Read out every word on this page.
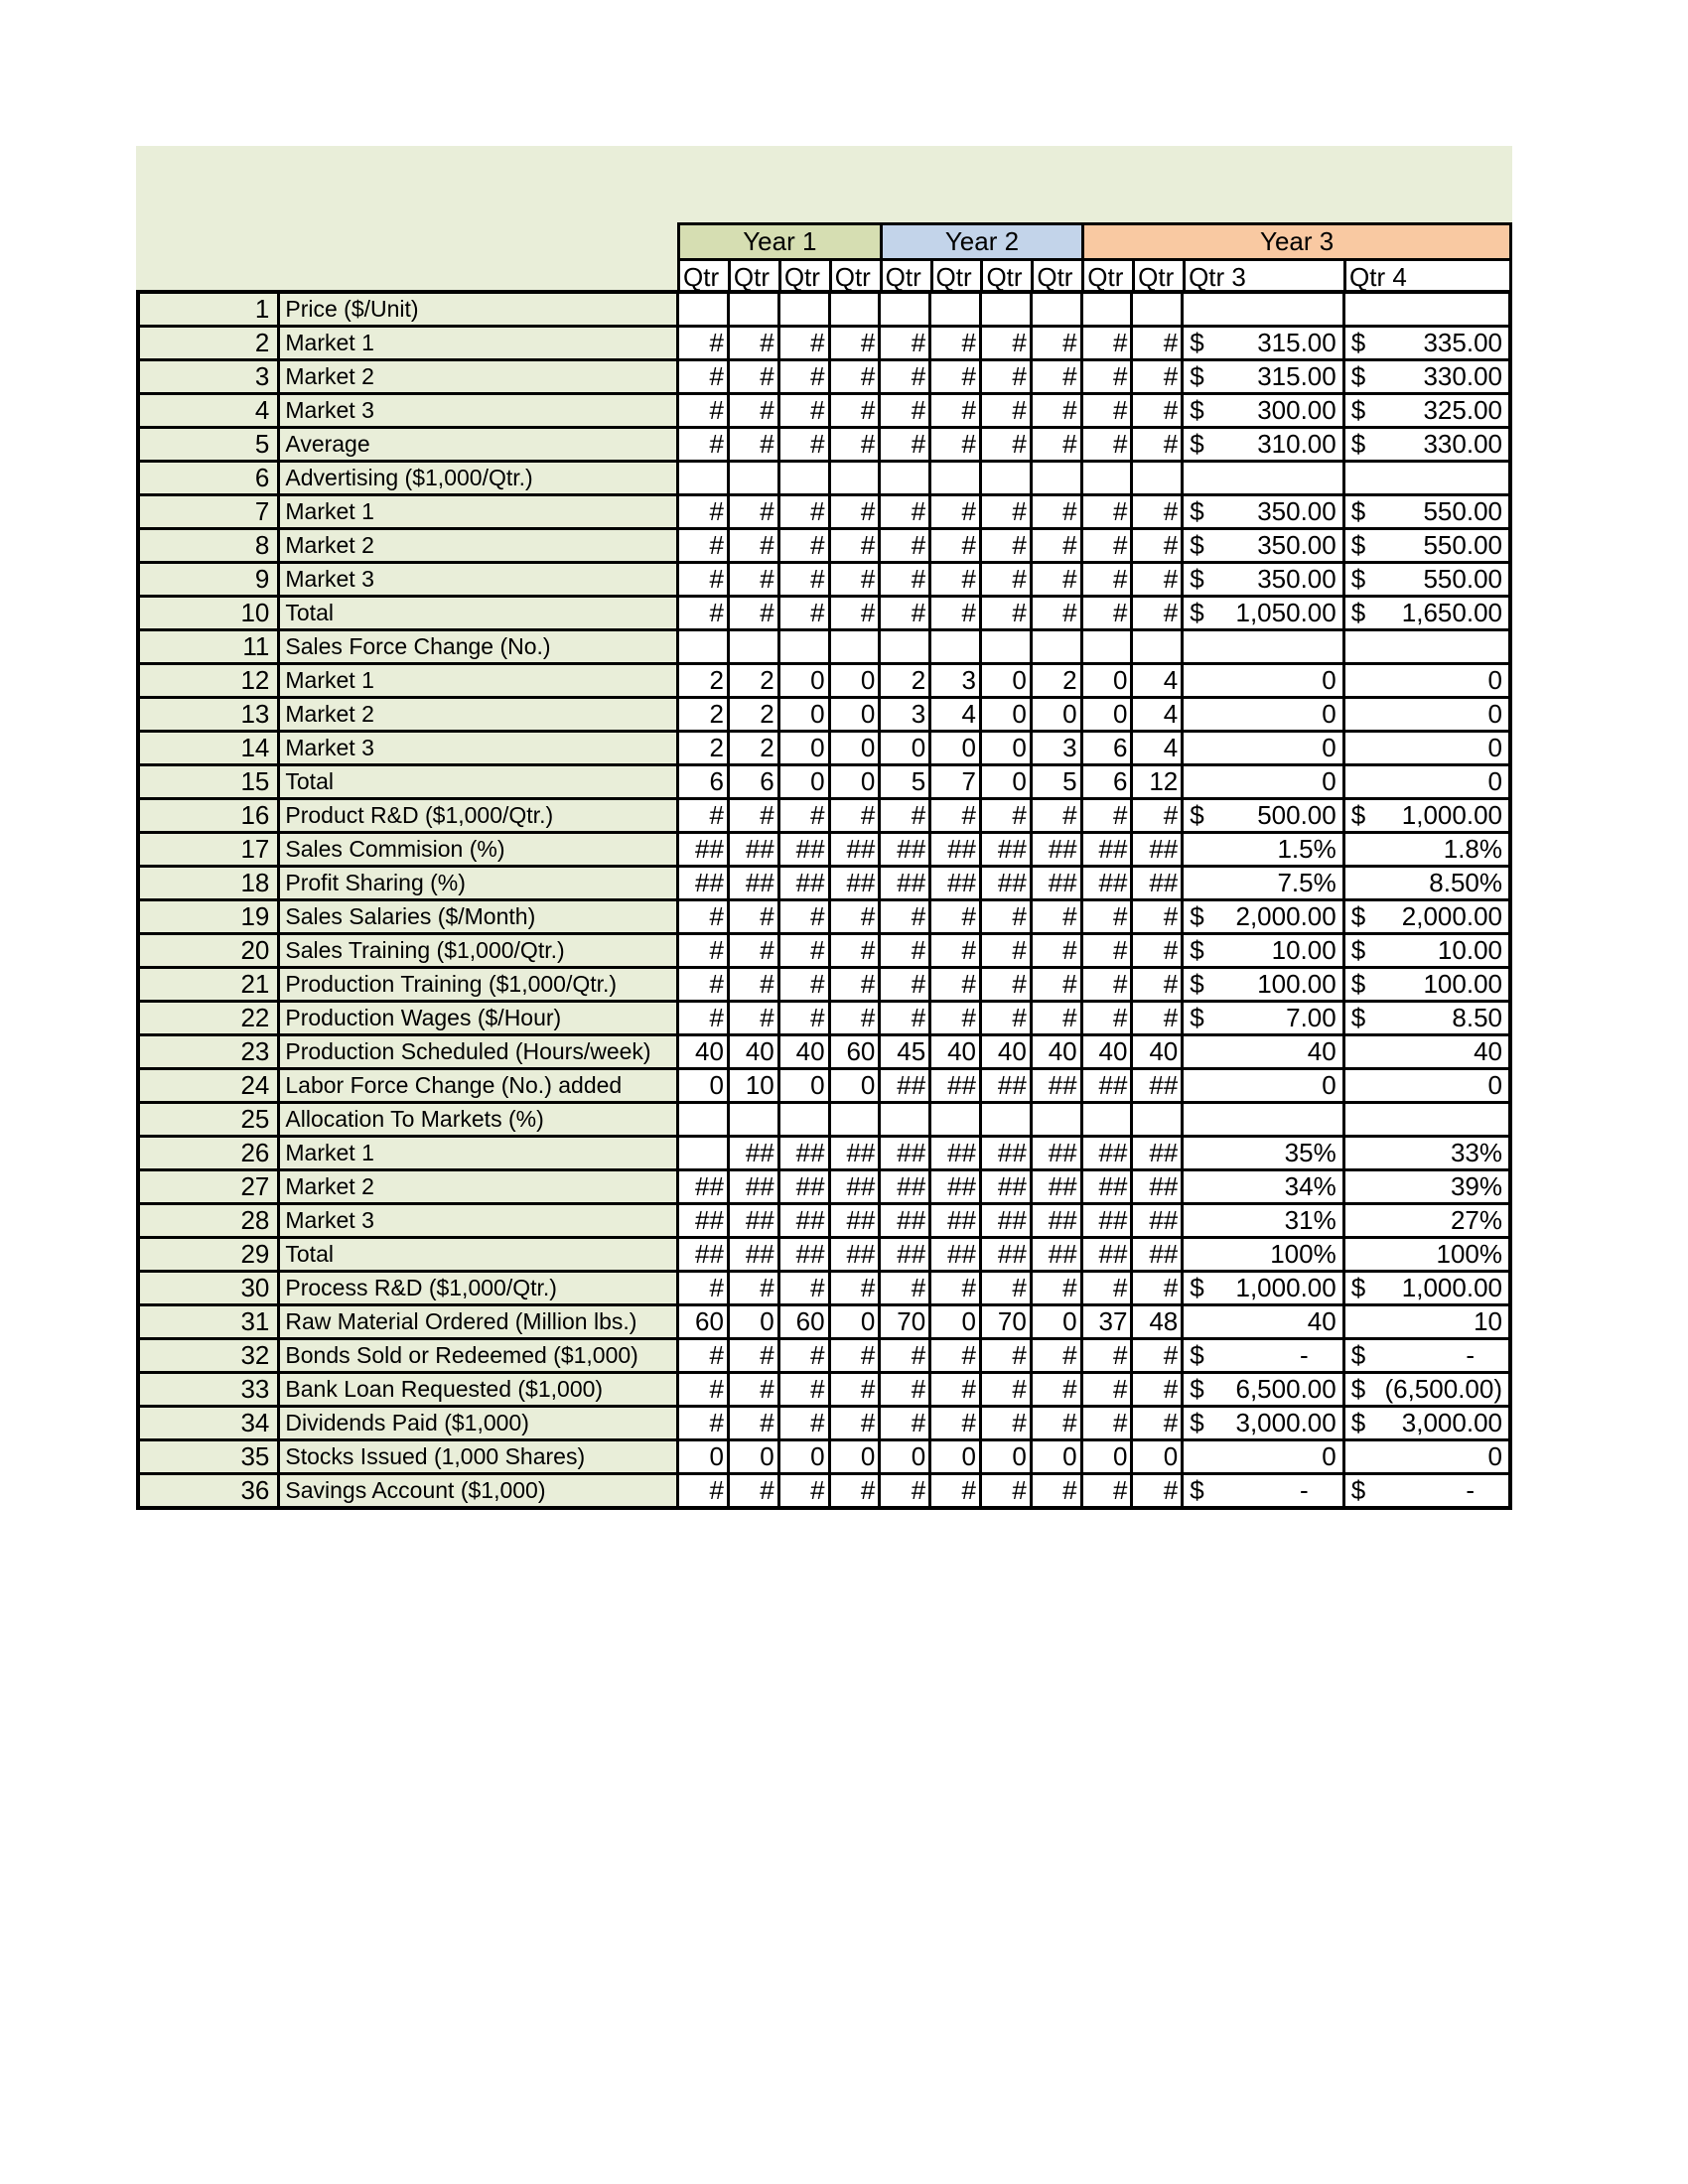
Year 1				Year 2				Year 3			
Qtr	Qtr	Qtr	Qtr	Qtr	Qtr	Qtr	Qtr	Qtr	Qtr	Qtr 3	Qtr 4
1	Price ($/Unit)												
2	Market 1	#	#	#	#	#	#	#	#	#	#	$ 315.00	$ 335.00

3	Market 2	#	#	#	#	#	#	#	#	#	#	$ 315.00	$ 330.00

4	Market 3	#	#	#	#	#	#	#	#	#	#	$ 300.00	$ 325.00

5	Average	#	#	#	#	#	#	#	#	#	#	$ 310.00	$ 330.00

6	Advertising ($1,000/Qtr.)												
7	Market 1	#	#	#	#	#	#	#	#	#	#	$ 350.00	$ 550.00

8	Market 2	#	#	#	#	#	#	#	#	#	#	$ 350.00	$ 550.00

9	Market 3	#	#	#	#	#	#	#	#	#	#	$ 350.00	$ 550.00

10	Total	#	#	#	#	#	#	#	#	#	#	$ 1,050.00	$ 1,650.00

11	Sales Force Change (No.)												
12	Market 1	2	2	0	0	2	3	0	2	0	4	0	0
13	Market 2	2	2	0	0	3	4	0	0	0	4	0	0
14	Market 3	2	2	0	0	0	0	0	3	6	4	0	0
15	Total	6	6	0	0	5	7	0	5	6	12	0	0
16	Product R&D ($1,000/Qtr.)	#	#	#	#	#	#	#	#	#	#	$ 500.00	$ 1,000.00

17	Sales Commision (%)	##	##	##	##	##	##	##	##	##	##	1.5%	1.8%
18	Profit Sharing (%)	##	##	##	##	##	##	##	##	##	##	7.5%	8.50%
19	Sales Salaries ($/Month)	#	#	#	#	#	#	#	#	#	#	$ 2,000.00	$ 2,000.00

20	Sales Training ($1,000/Qtr.)	#	#	#	#	#	#	#	#	#	#	$ 10.00	$ 10.00

21	Production Training ($1,000/Qtr.)	#	#	#	#	#	#	#	#	#	#	$ 100.00	$ 100.00

22	Production Wages ($/Hour)	#	#	#	#	#	#	#	#	#	#	$ 7.00	$ 8.50

23	Production Scheduled (Hours/week)	40	40	40	60	45	40	40	40	40	40	40	40
24	Labor Force Change (No.) added	0	10	0	0	##	##	##	##	##	##	0	0
25	Allocation To Markets (%)												
26	Market 1		##	##	##	##	##	##	##	##	##	35%	33%
27	Market 2	##	##	##	##	##	##	##	##	##	##	34%	39%
28	Market 3	##	##	##	##	##	##	##	##	##	##	31%	27%
29	Total	##	##	##	##	##	##	##	##	##	##	100%	100%
30	Process R&D ($1,000/Qtr.)	#	#	#	#	#	#	#	#	#	#	$ 1,000.00	$ 1,000.00

31	Raw Material Ordered (Million lbs.)	60	0	60	0	70	0	70	0	37	48	40	10
32	Bonds Sold or Redeemed ($1,000)	#	#	#	#	#	#	#	#	#	#	$ -	$ -

33	Bank Loan Requested ($1,000)	#	#	#	#	#	#	#	#	#	#	$ 6,500.00	$ (6,500.00)

34	Dividends Paid ($1,000)	#	#	#	#	#	#	#	#	#	#	$ 3,000.00	$ 3,000.00

35	Stocks Issued (1,000 Shares)	0	0	0	0	0	0	0	0	0	0	0	0
36	Savings Account ($1,000)	#	#	#	#	#	#	#	#	#	#	$ -	$ -
